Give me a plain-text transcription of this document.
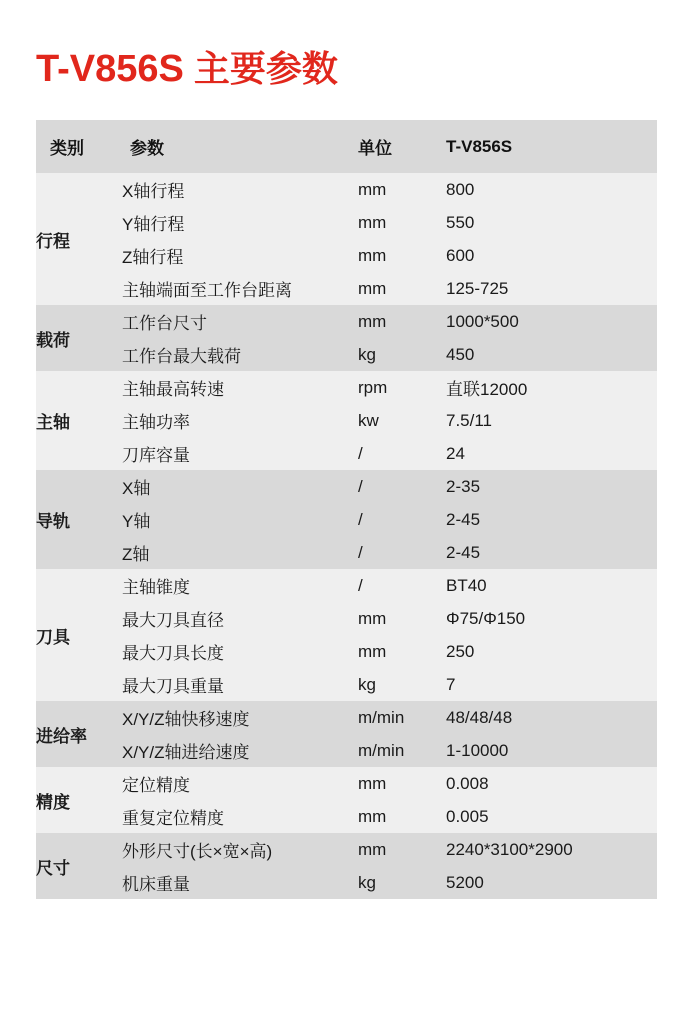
T-V856S 主要参数
类别	参数	单位	T-V856S
行程	X轴行程	mm	800
	Y轴行程	mm	550
	Z轴行程	mm	600
	主轴端面至工作台距离	mm	125-725
载荷	工作台尺寸	mm	1000*500
	工作台最大载荷	kg	450
主轴	主轴最高转速	rpm	直联12000
	主轴功率	kw	7.5/11
	刀库容量	/	24
导轨	X轴	/	2-35
	Y轴	/	2-45
	Z轴	/	2-45
刀具	主轴锥度	/	BT40
	最大刀具直径	mm	Φ75/Φ150
	最大刀具长度	mm	250
	最大刀具重量	kg	7
进给率	X/Y/Z轴快移速度	m/min	48/48/48
	X/Y/Z轴进给速度	m/min	1-10000
精度	定位精度	mm	0.008
	重复定位精度	mm	0.005
尺寸	外形尺寸(长×宽×高)	mm	2240*3100*2900
	机床重量	kg	5200
